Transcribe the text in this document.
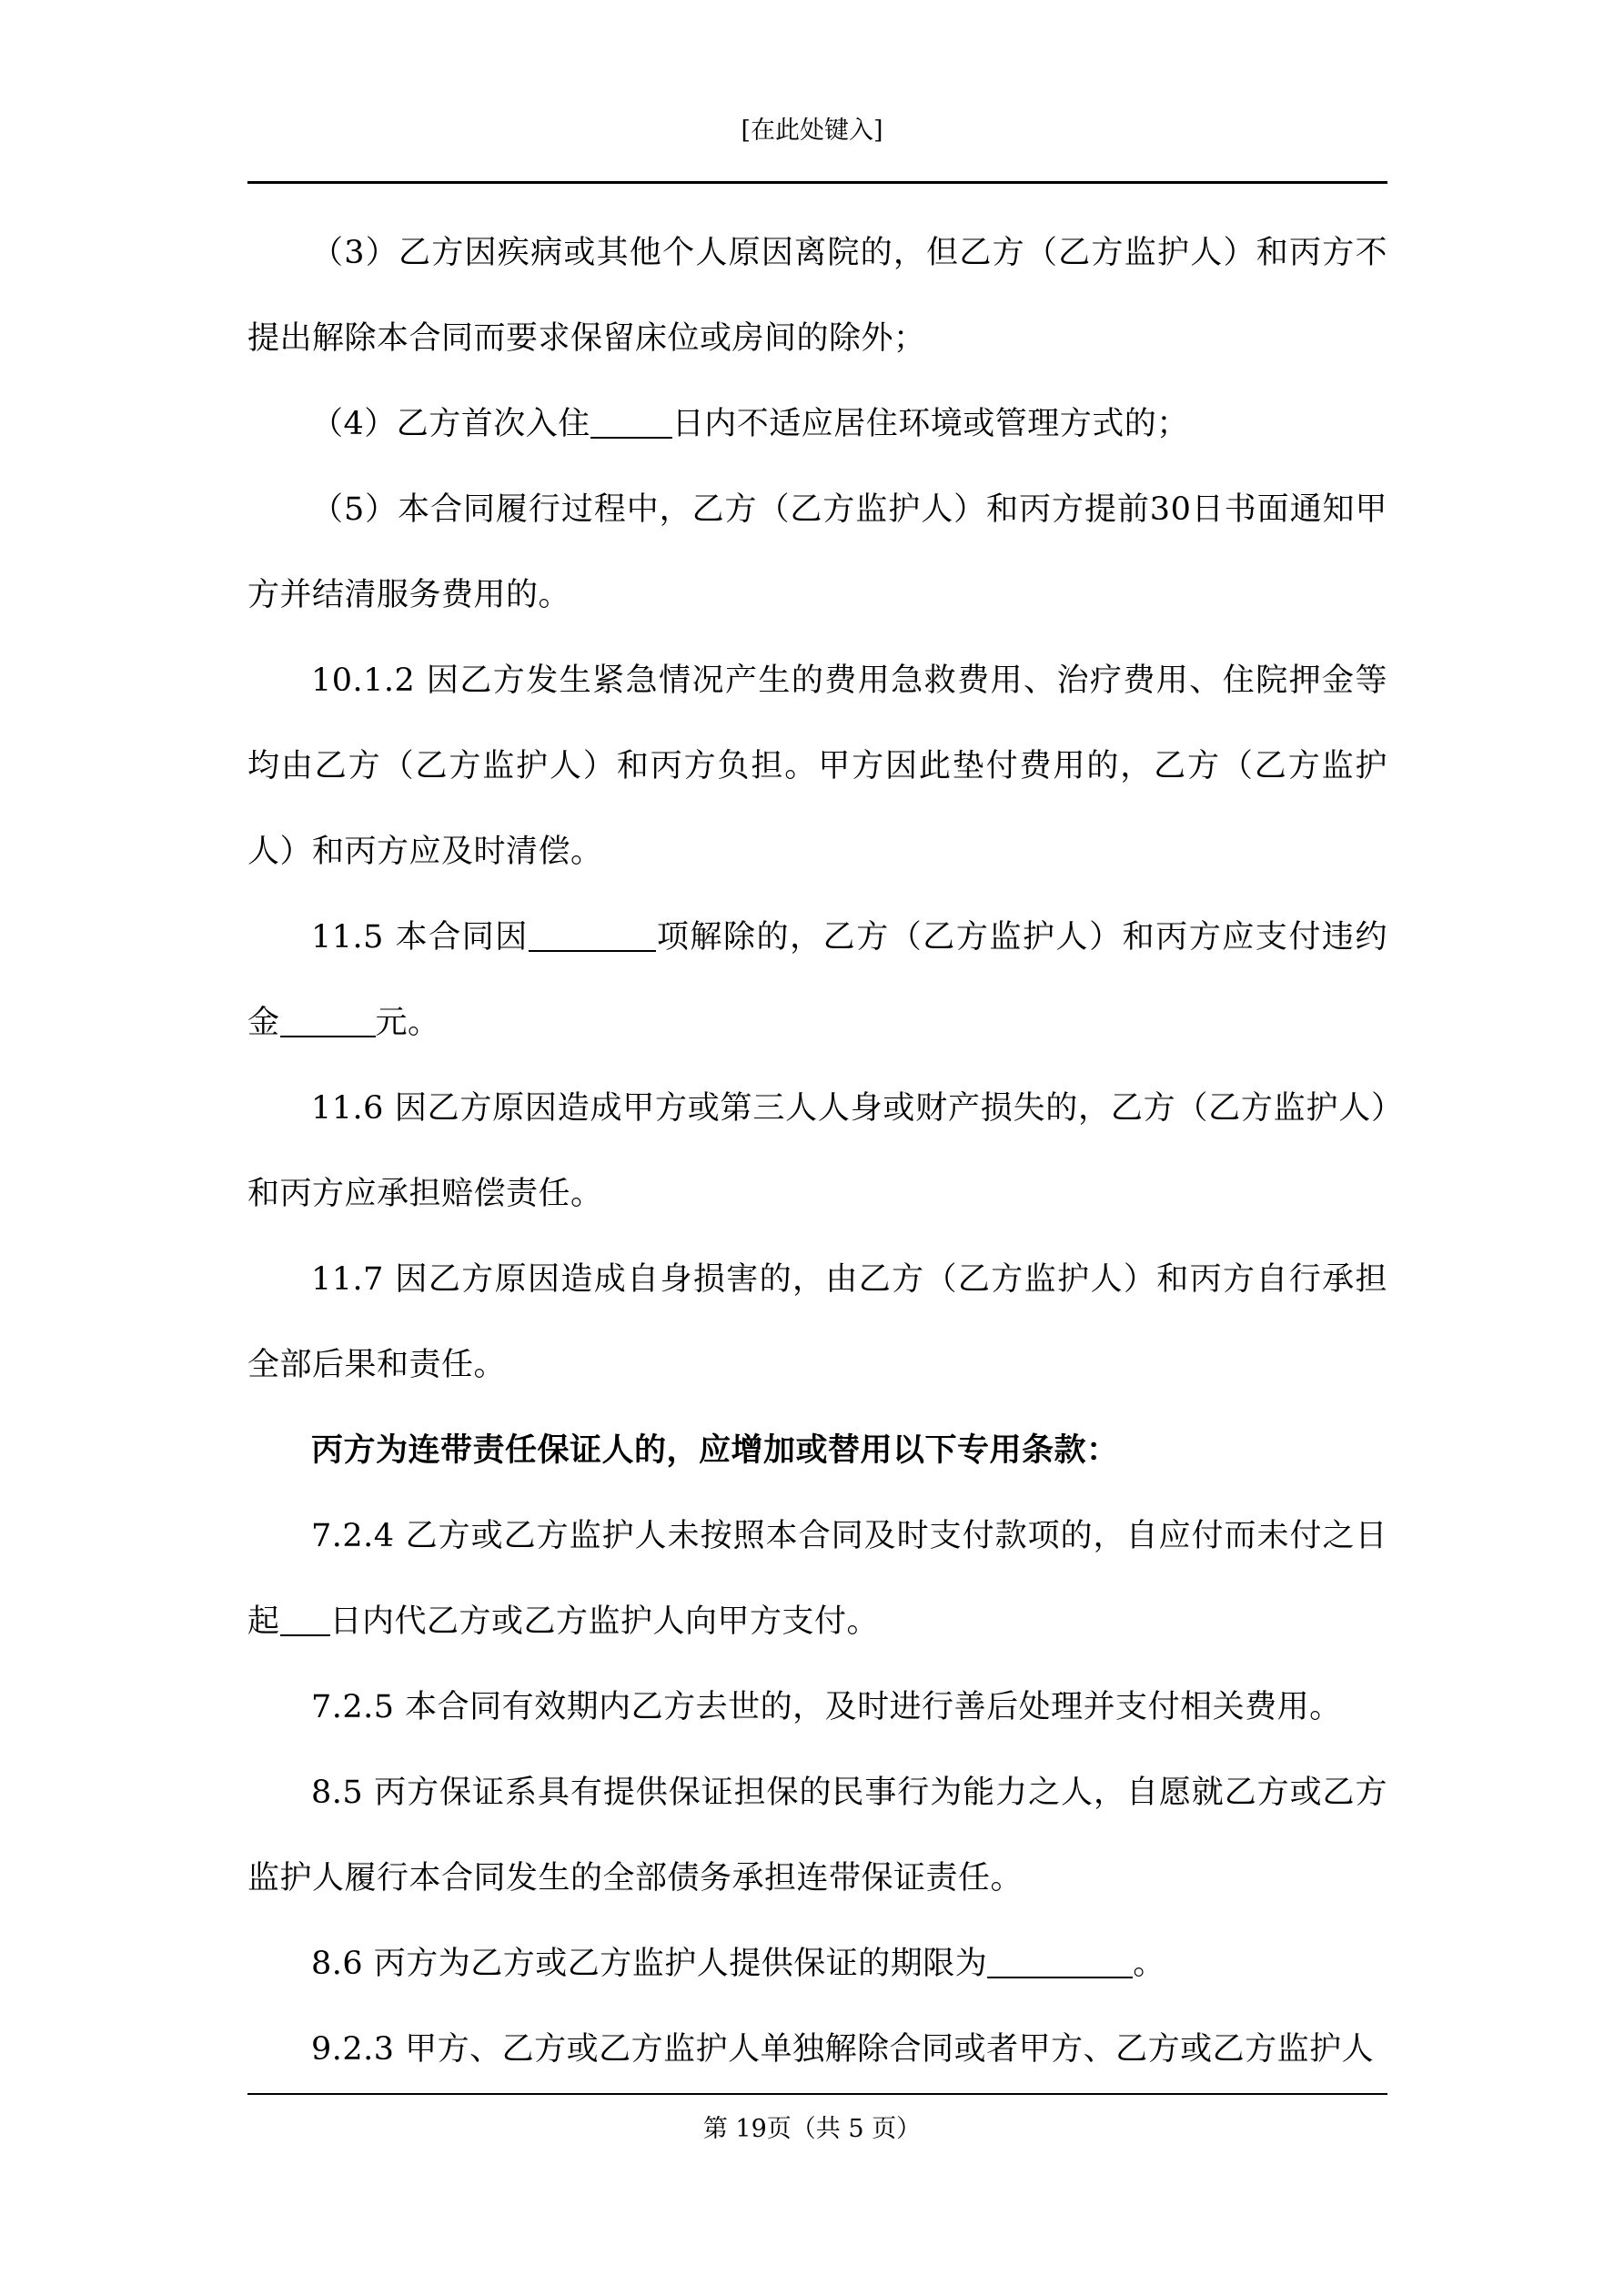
[在此处键入]

（3）乙方因疾病或其他个人原因离院的，但乙方（乙方监护人）和丙方不提出解除本合同而要求保留床位或房间的除外；

（4）乙方首次入住	日内不适应居住环境或管理方式的；

（5）本合同履行过程中，乙方（乙方监护人）和丙方提前30日书面通知甲方并结清服务费用的。

10.1.2 因乙方发生紧急情况产生的费用急救费用、治疗费用、住院押金等均由乙方（乙方监护人）和丙方负担。甲方因此垫付费用的，乙方（乙方监护人）和丙方应及时清偿。

11.5 本合同因	项解除的，乙方（乙方监护人）和丙方应支付违约金	元。

11.6 因乙方原因造成甲方或第三人人身或财产损失的，乙方（乙方监护人）和丙方应承担赔偿责任。

11.7 因乙方原因造成自身损害的，由乙方（乙方监护人）和丙方自行承担全部后果和责任。

丙方为连带责任保证人的，应增加或替用以下专用条款：

7.2.4 乙方或乙方监护人未按照本合同及时支付款项的，自应付而未付之日起 日内代乙方或乙方监护人向甲方支付。

7.2.5 本合同有效期内乙方去世的，及时进行善后处理并支付相关费用。

8.5 丙方保证系具有提供保证担保的民事行为能力之人，自愿就乙方或乙方监护人履行本合同发生的全部债务承担连带保证责任。

8.6 丙方为乙方或乙方监护人提供保证的期限为	。

9.2.3 甲方、乙方或乙方监护人单独解除合同或者甲方、乙方或乙方监护人

第 19页（共 5 页）
